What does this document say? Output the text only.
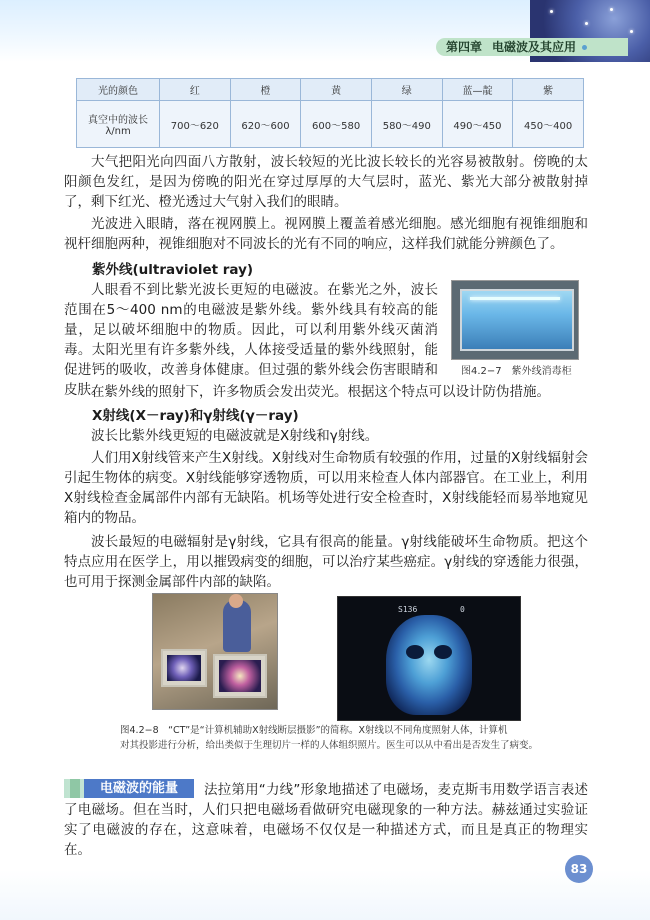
第四章 电磁波及其应用
光的颜色	红	橙	黄	绿	蓝—靛	紫
真空中的波长
λ/nm	700～620	620～600	600～580	580～490	490～450	450～400

大气把阳光向四面八方散射，波长较短的光比波长较长的光容易被散射。傍晚的太阳颜色发红，是因为傍晚的阳光在穿过厚厚的大气层时，蓝光、紫光大部分被散射掉了，剩下红光、橙光透过大气射入我们的眼睛。

光波进入眼睛，落在视网膜上。视网膜上覆盖着感光细胞。感光细胞有视锥细胞和视杆细胞两种，视锥细胞对不同波长的光有不同的响应，这样我们就能分辨颜色了。

紫外线(ultraviolet ray)

人眼看不到比紫光波长更短的电磁波。在紫光之外，波长范围在5～400 nm的电磁波是紫外线。紫外线具有较高的能量，足以破坏细胞中的物质。因此，可以利用紫外线灭菌消毒。太阳光里有许多紫外线，人体接受适量的紫外线照射，能促进钙的吸收，改善身体健康。但过强的紫外线会伤害眼睛和皮肤。

图4.2−7　紫外线消毒柜

在紫外线的照射下，许多物质会发出荧光。根据这个特点可以设计防伪措施。

X射线(X－ray)和γ射线(γ－ray)

波长比紫外线更短的电磁波就是X射线和γ射线。

人们用X射线管来产生X射线。X射线对生命物质有较强的作用，过量的X射线辐射会引起生物体的病变。X射线能够穿透物质，可以用来检查人体内部器官。在工业上，利用X射线检查金属部件内部有无缺陷。机场等处进行安全检查时，X射线能轻而易举地窥见箱内的物品。

波长最短的电磁辐射是γ射线，它具有很高的能量。γ射线能破坏生命物质。把这个特点应用在医学上，用以摧毁病变的细胞，可以治疗某些癌症。γ射线的穿透能力很强，也可用于探测金属部件内部的缺陷。

S136	0
图4.2−8　“CT”是“计算机辅助X射线断层摄影”的简称。X射线以不同角度照射人体，计算机
对其投影进行分析，给出类似于生理切片一样的人体组织照片。医生可以从中看出是否发生了病变。
电磁波的能量	法拉第用“力线”形象地描述了电磁场，麦克斯韦用数学语言表述了电磁场。但在当时，人们只把电磁场看做研究电磁现象的一种方法。赫兹通过实验证实了电磁波的存在，这意味着，电磁场不仅仅是一种描述方式，而且是真正的物理实在。

83
